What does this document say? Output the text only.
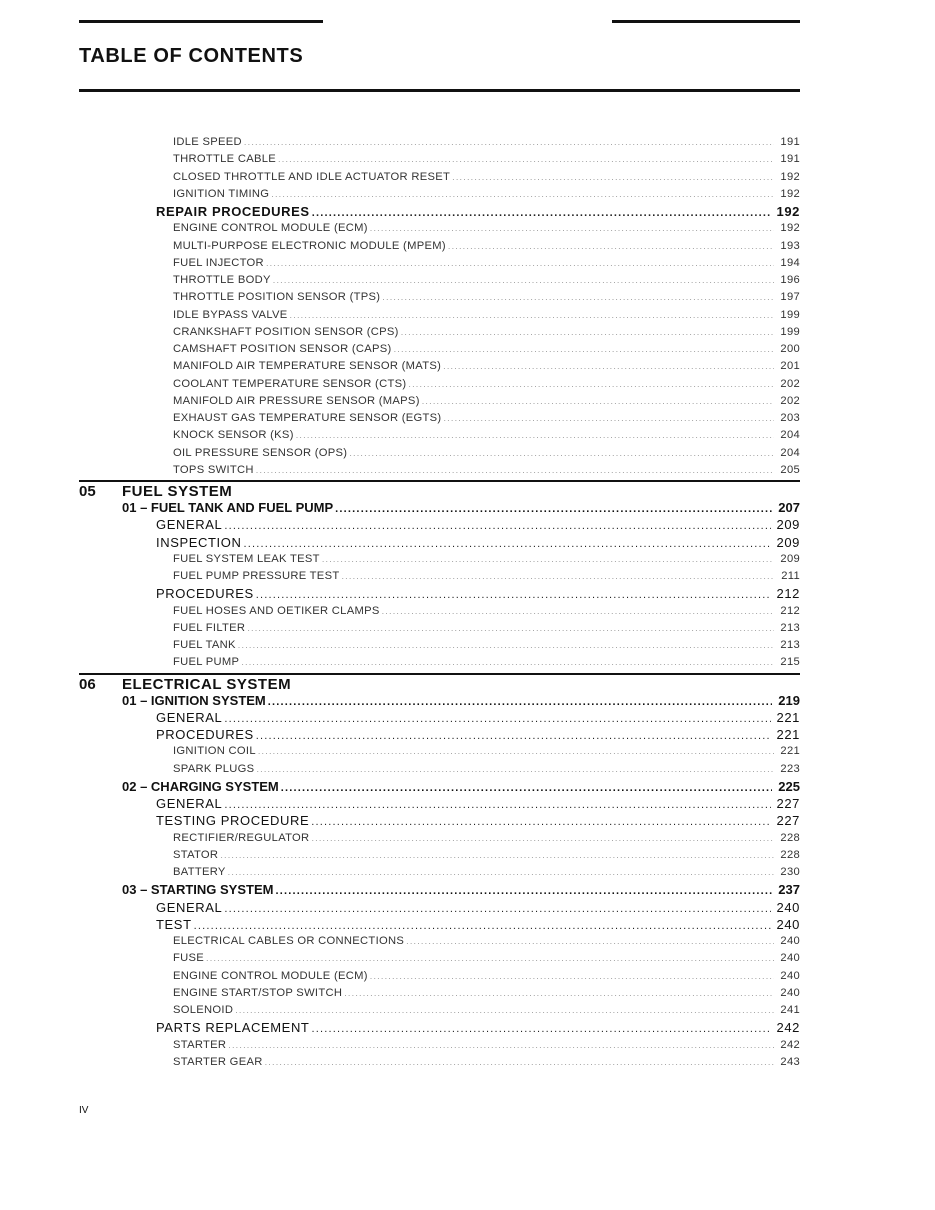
TABLE OF CONTENTS
IDLE SPEED .....	191
THROTTLE CABLE .....	191
CLOSED THROTTLE AND IDLE ACTUATOR RESET .....	192
IGNITION TIMING .....	192
REPAIR PROCEDURES .....	192
ENGINE CONTROL MODULE (ECM) .....	192
MULTI-PURPOSE ELECTRONIC MODULE (MPEM) .....	193
FUEL INJECTOR .....	194
THROTTLE BODY .....	196
THROTTLE POSITION SENSOR (TPS) .....	197
IDLE BYPASS VALVE .....	199
CRANKSHAFT POSITION SENSOR (CPS) .....	199
CAMSHAFT POSITION SENSOR (CAPS) .....	200
MANIFOLD AIR TEMPERATURE SENSOR (MATS) .....	201
COOLANT TEMPERATURE SENSOR (CTS) .....	202
MANIFOLD AIR PRESSURE SENSOR (MAPS) .....	202
EXHAUST GAS TEMPERATURE SENSOR (EGTS) .....	203
KNOCK SENSOR (KS) .....	204
OIL PRESSURE SENSOR (OPS) .....	204
TOPS SWITCH .....	205
05	FUEL SYSTEM
01 – FUEL TANK AND FUEL PUMP .....	207
GENERAL .....	209
INSPECTION .....	209
FUEL SYSTEM LEAK TEST .....	209
FUEL PUMP PRESSURE TEST .....	211
PROCEDURES .....	212
FUEL HOSES AND OETIKER CLAMPS .....	212
FUEL FILTER .....	213
FUEL TANK .....	213
FUEL PUMP .....	215
06	ELECTRICAL SYSTEM
01 – IGNITION SYSTEM .....	219
GENERAL .....	221
PROCEDURES .....	221
IGNITION COIL .....	221
SPARK PLUGS .....	223
02 – CHARGING SYSTEM .....	225
GENERAL .....	227
TESTING PROCEDURE .....	227
RECTIFIER/REGULATOR .....	228
STATOR .....	228
BATTERY .....	230
03 – STARTING SYSTEM .....	237
GENERAL .....	240
TEST .....	240
ELECTRICAL CABLES OR CONNECTIONS .....	240
FUSE .....	240
ENGINE CONTROL MODULE (ECM) .....	240
ENGINE START/STOP SWITCH .....	240
SOLENOID .....	241
PARTS REPLACEMENT .....	242
STARTER .....	242
STARTER GEAR .....	243
IV
